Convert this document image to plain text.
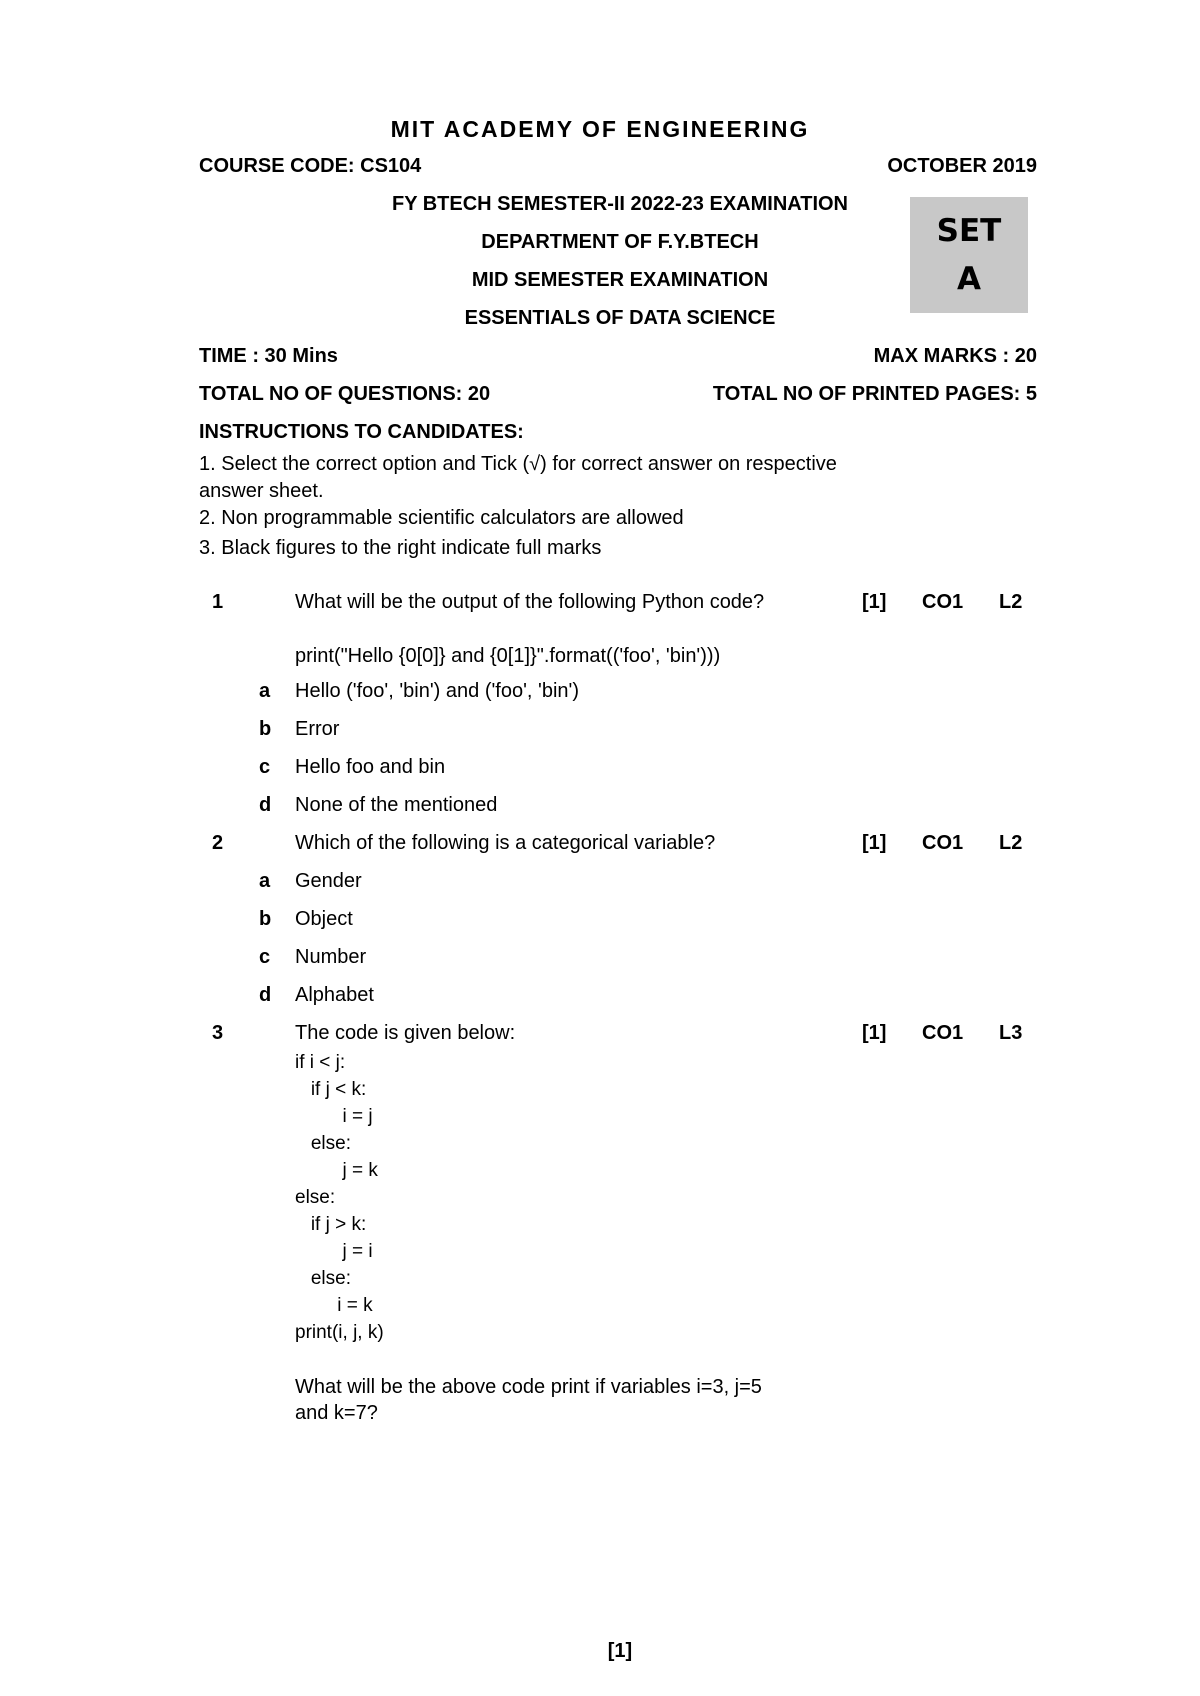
MIT ACADEMY OF ENGINEERING
COURSE CODE: CS104	OCTOBER 2019
FY BTECH SEMESTER-II 2022-23 EXAMINATION
DEPARTMENT OF F.Y.BTECH
MID SEMESTER EXAMINATION
ESSENTIALS OF DATA SCIENCE
SET
A
TIME : 30 Mins	MAX MARKS : 20
TOTAL NO OF QUESTIONS: 20	TOTAL NO OF PRINTED PAGES: 5
INSTRUCTIONS TO CANDIDATES:
1. Select the correct option and Tick (√) for correct answer on respective
answer sheet.
2. Non programmable scientific calculators are allowed
3. Black figures to the right indicate full marks
1	What will be the output of the following Python code?	[1] CO1 L2
print("Hello {0[0]} and {0[1]}".format(('foo', 'bin')))
a Hello ('foo', 'bin') and ('foo', 'bin')
b Error
c Hello foo and bin
d None of the mentioned
2	Which of the following is a categorical variable?	[1] CO1 L2
a Gender
b Object
c Number
d Alphabet
3	The code is given below:	[1] CO1 L3
if i < j:
if j < k:
i = j
else:
j = k
else:
if j > k:
j = i
else:
i = k
print(i, j, k)
What will be the above code print if variables i=3, j=5
and k=7?
[1]
